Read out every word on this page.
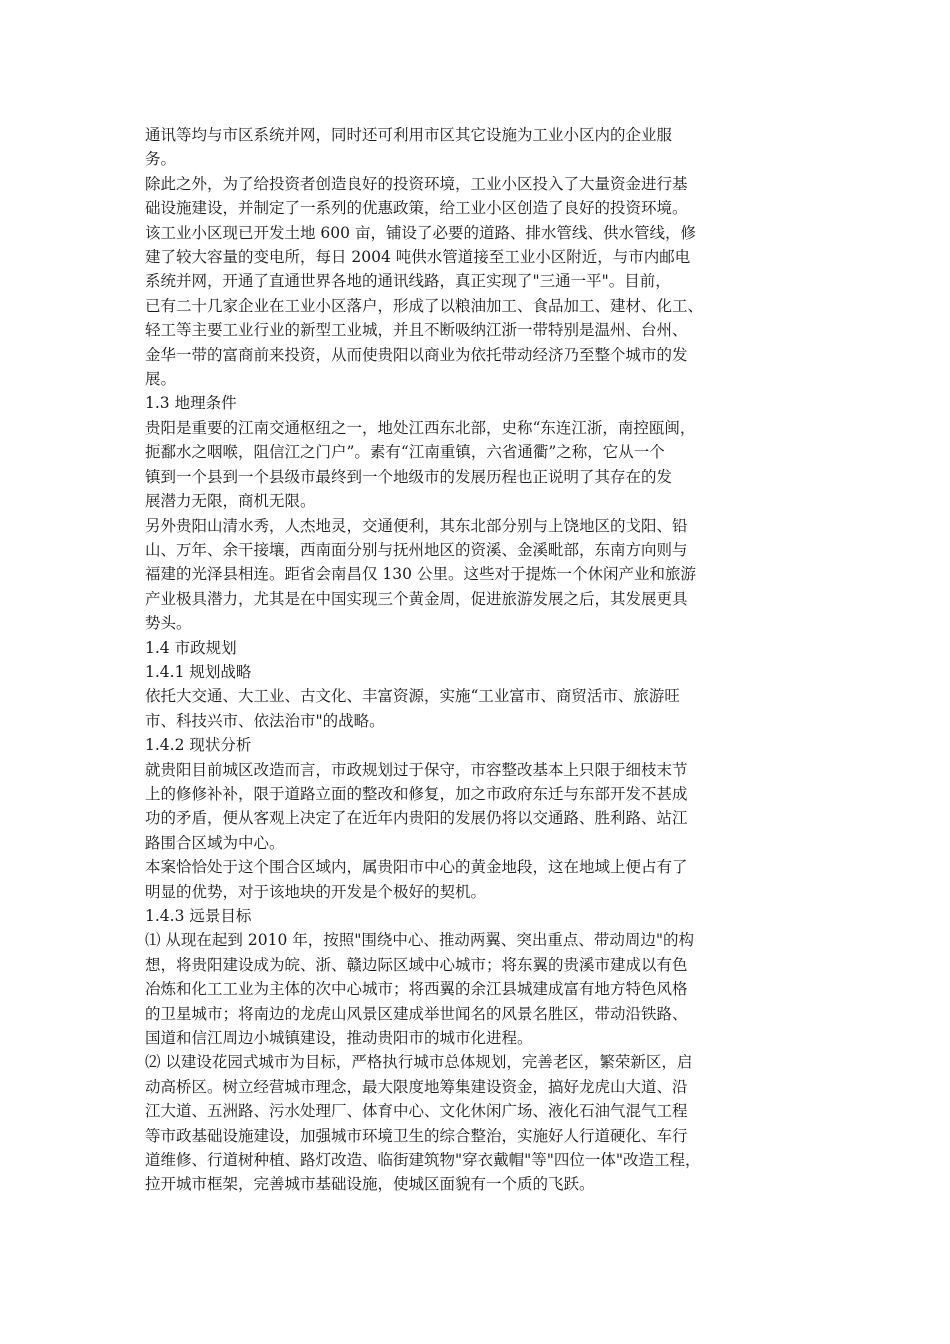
通讯等均与市区系统并网，同时还可利用市区其它设施为工业小区内的企业服
务。
除此之外，为了给投资者创造良好的投资环境，工业小区投入了大量资金进行基
础设施建设，并制定了一系列的优惠政策，给工业小区创造了良好的投资环境。
该工业小区现已开发土地 600 亩，铺设了必要的道路、排水管线、供水管线，修
建了较大容量的变电所，每日 2004 吨供水管道接至工业小区附近，与市内邮电
系统并网，开通了直通世界各地的通讯线路，真正实现了"三通一平"。目前，
已有二十几家企业在工业小区落户，形成了以粮油加工、食品加工、建材、化工、
轻工等主要工业行业的新型工业城，并且不断吸纳江浙一带特别是温州、台州、
金华一带的富商前来投资，从而使贵阳以商业为依托带动经济乃至整个城市的发
展。
1.3 地理条件
贵阳是重要的江南交通枢纽之一，地处江西东北部，史称“东连江浙，南控瓯闽，
扼鄱水之咽喉，阻信江之门户”。素有“江南重镇，六省通衢”之称，它从一个
镇到一个县到一个县级市最终到一个地级市的发展历程也正说明了其存在的发
展潜力无限，商机无限。
另外贵阳山清水秀，人杰地灵，交通便利，其东北部分别与上饶地区的戈阳、铅
山、万年、余干接壤，西南面分别与抚州地区的资溪、金溪毗部，东南方向则与
福建的光泽县相连。距省会南昌仅 130 公里。这些对于提炼一个休闲产业和旅游
产业极具潜力，尤其是在中国实现三个黄金周，促进旅游发展之后，其发展更具
势头。
1.4 市政规划
1.4.1 规划战略
依托大交通、大工业、古文化、丰富资源，实施“工业富市、商贸活市、旅游旺
市、科技兴市、依法治市"的战略。
1.4.2 现状分析
就贵阳目前城区改造而言，市政规划过于保守，市容整改基本上只限于细枝末节
上的修修补补，限于道路立面的整改和修复，加之市政府东迁与东部开发不甚成
功的矛盾，便从客观上决定了在近年内贵阳的发展仍将以交通路、胜利路、站江
路围合区域为中心。
本案恰恰处于这个围合区域内，属贵阳市中心的黄金地段，这在地域上便占有了
明显的优势，对于该地块的开发是个极好的契机。
1.4.3 远景目标
⑴ 从现在起到 2010 年，按照"围绕中心、推动两翼、突出重点、带动周边"的构
想，将贵阳建设成为皖、浙、赣边际区域中心城市；将东翼的贵溪市建成以有色
冶炼和化工工业为主体的次中心城市；将西翼的余江县城建成富有地方特色风格
的卫星城市；将南边的龙虎山风景区建成举世闻名的风景名胜区，带动沿铁路、
国道和信江周边小城镇建设，推动贵阳市的城市化进程。
⑵ 以建设花园式城市为目标，严格执行城市总体规划，完善老区，繁荣新区，启
动高桥区。树立经营城市理念，最大限度地筹集建设资金，搞好龙虎山大道、沿
江大道、五洲路、污水处理厂、体育中心、文化休闲广场、液化石油气混气工程
等市政基础设施建设，加强城市环境卫生的综合整治，实施好人行道硬化、车行
道维修、行道树种植、路灯改造、临街建筑物"穿衣戴帽"等"四位一体"改造工程，
拉开城市框架，完善城市基础设施，使城区面貌有一个质的飞跃。
